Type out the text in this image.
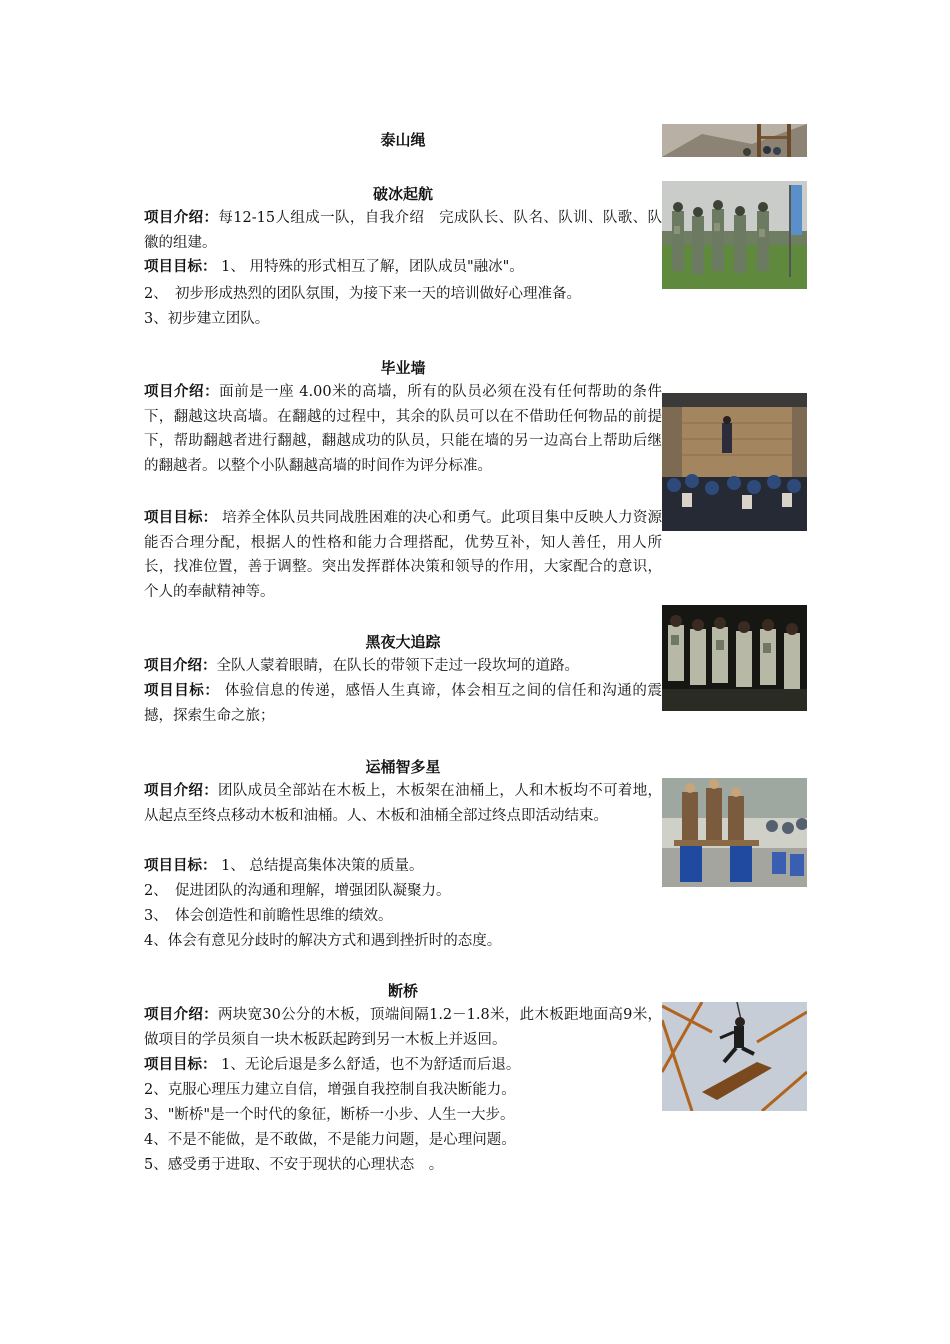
泰山绳
破冰起航

项目介绍：每12-15人组成一队，自我介绍　完成队长、队名、队训、队歌、队徽的组建。

项目目标： 1、 用特殊的形式相互了解，团队成员"融冰"。
2、　初步形成热烈的团队氛围，为接下来一天的培训做好心理准备。
3、初步建立团队。
毕业墙

项目介绍：面前是一座 4.00米的高墙，所有的队员必须在没有任何帮助的条件下，翻越这块高墙。在翻越的过程中，其余的队员可以在不借助任何物品的前提下，帮助翻越者进行翻越，翻越成功的队员，只能在墙的另一边高台上帮助后继的翻越者。以整个小队翻越高墙的时间作为评分标准。

项目目标： 培养全体队员共同战胜困难的决心和勇气。此项目集中反映人力资源能否合理分配，根据人的性格和能力合理搭配，优势互补，知人善任，用人所长，找准位置，善于调整。突出发挥群体决策和领导的作用，大家配合的意识，个人的奉献精神等。

黑夜大追踪

项目介绍：全队人蒙着眼睛，在队长的带领下走过一段坎坷的道路。

项目目标： 体验信息的传递，感悟人生真谛，体会相互之间的信任和沟通的震撼，探索生命之旅；

运桶智多星

项目介绍：团队成员全部站在木板上，木板架在油桶上，人和木板均不可着地，从起点至终点移动木板和油桶。人、木板和油桶全部过终点即活动结束。

项目目标： 1、 总结提高集体决策的质量。
2、　促进团队的沟通和理解，增强团队凝聚力。
3、　体会创造性和前瞻性思维的绩效。
4、体会有意见分歧时的解决方式和遇到挫折时的态度。
断桥

项目介绍：两块宽30公分的木板，顶端间隔1.2－1.8米，此木板距地面高9米，做项目的学员须自一块木板跃起跨到另一木板上并返回。

项目目标： 1、无论后退是多么舒适，也不为舒适而后退。
2、克服心理压力建立自信，增强自我控制自我决断能力。
3、"断桥"是一个时代的象征，断桥一小步、人生一大步。
4、不是不能做，是不敢做，不是能力问题，是心理问题。
5、感受勇于进取、不安于现状的心理状态　。
